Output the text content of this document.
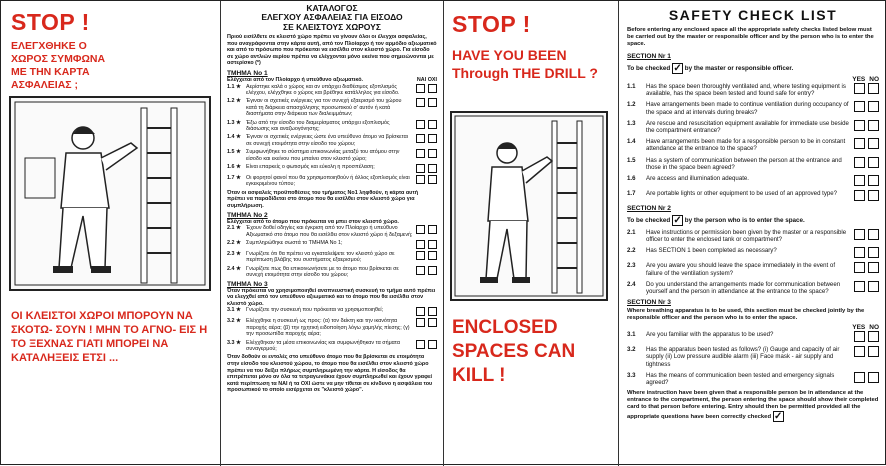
STOP !
ΕΛΕΓΧΘΗΚΕ Ο ΧΩΡΟΣ ΣΥΜΦΩΝΑ ΜΕ ΤΗΝ ΚΑΡΤΑ ΑΣΦΑΛΕΙΑΣ ;
ΟΙ ΚΛΕΙΣΤΟΙ ΧΩΡΟΙ ΜΠΟΡΟΥΝ ΝΑ ΣΚΟΤΩ- ΣΟΥΝ ! ΜΗΝ ΤΟ ΑΓΝΟ- ΕΙΣ Η ΤΟ ΞΕΧΝΑΣ ΓΙΑΤΙ ΜΠΟΡΕΙ ΝΑ ΚΑΤΑΛΗΞΕΙΣ ΕΤΣΙ ...
ΚΑΤΑΛΟΓΟΣ
ΕΛΕΓΧΟΥ ΑΣΦΑΛΕΙΑΣ ΓΙΑ ΕΙΣΟΔΟ
ΣΕ ΚΛΕΙΣΤΟΥΣ ΧΩΡΟΥΣ
Πριού εισέλθετε σε κλειστό χώρο πρέπει να γίνουν όλοι οι έλεγχοι ασφαλείας, που αναγράφονται στην κάρτα αυτή, από τον Πλοίαρχο ή τον αρμόδιο αξιωματικό και από το πρόσωπο που πρόκειται να εισέλθει στον κλειστό χώρο. Για είσοδο σε χώρο αντλιών αερίου πρέπει να ελέγχονται μόνο εκείνα που σημειώνονται με αστερίσκο (*)
ΤΜΗΜΑ Νο 1
Ελέγχεται από τον Πλοίαρχο ή υπεύθυνο αξιωματικό.	ΝΑΙ
ΟΧΙ
1.1 ★ Αερίστηκε καλά ο χώρος και αν υπάρχει διαθέσιμος εξοπλισμός ελέγχου, ελέγχθηκε ο χώρος και βρέθηκε κατάλληλος για είσοδο.
1.2 ★ Έγιναν οι σχετικές ενέργειες για τον συνεχή εξαερισμό του χώρου κατά τη διάρκεια απασχόλησης προσωπικού σ' αυτόν ή κατά διαστήματα στην διάρκεια των διαλειμμάτων;
1.3 ★ Έξω από την είσοδο του διαμερίσματος υπάρχει εξοπλισμός διάσωσης και αναζωογόνησης;
1.4 ★ Έγιναν οι σχετικές ενέργειες ώστε ένα υπεύθυνο άτομο να βρίσκεται σε συνεχή ετοιμότητα στην είσοδο του χώρου;
1.5 ★ Συμφωνήθηκε το σύστημα επικοινωνίας μεταξύ του ατόμου στην είσοδο και εκείνου που μπαίνει στον κλειστό χώρο;
1.6 ★ Είναι επαρκείς ο φωτισμός και εύκολη η προσπέλαση;
1.7 ★ Οι φορητοί φανοί που θα χρησιμοποιηθούν ή άλλος εξοπλισμός είναι εγκεκριμένου τύπου;
Όταν οι ασφαλείς προϋποθέσεις του τμήματος Νο1 ληφθούν, η κάρτα αυτή πρέπει να παραδίδεται στο άτομο που θα εισέλθει στον κλειστό χώρο για συμπλήρωση.
ΤΜΗΜΑ Νο 2
Ελέγχεται από το άτομο που πρόκειται να μπει στον κλειστό χώρο.
2.1 ★ Έχουν δοθεί οδηγίες και έγκριση από τον Πλοίαρχο ή υπεύθυνο Αξιωματικό στο άτομο που θα εισέλθει στον κλειστό χώρο ή δεξαμενή;
2.2 ★ Συμπληρώθηκε σωστά το ΤΜΗΜΑ Νο 1;
2.3 ★ Γνωρίζετε ότι θα πρέπει να εγκαταλείψετε τον κλειστό χώρο σε περίπτωση βλάβης του συστήματος εξαερισμού;
2.4 ★ Γνωρίζετε πως θα επικοινωνήσετε με το άτομο που βρίσκεται σε συνεχή ετοιμότητα στην είσοδο του χώρου;
ΤΜΗΜΑ Νο 3
Όταν πρόκειται να χρησιμοποιηθεί αναπνευστική συσκευή το τμήμα αυτό πρέπει να ελεγχθεί από τον υπεύθυνο αξιωματικό και το άτομο που θα εισέλθει στον κλειστό χώρο.
3.1 ★ Γνωρίζετε την συσκευή που πρόκειται να χρησιμοποιηθεί;
3.2 ★ Ελέγχθηκε η συσκευή ως προς: (α) τον δείκτη και την ικανότητα παροχής αέρα; (β) την ηχητική ειδοποίηση λόγω χαμηλής πίεσης; (γ) την προσωπίδα παροχής αέρα;
3.3 ★ Ελέγχθηκαν τα μέσα επικοινωνίας και συμφωνήθηκαν τα σήματα συναγερμού;
Όταν δοθούν οι εντολές στο υπεύθυνο άτομο που θα βρίσκεται σε ετοιμότητα στην είσοδο του κλειστού χώρου, το άτομο που θα εισέλθει στον κλειστό χώρο πρέπει να του δείξει πλήρως συμπληρωμένη την κάρτα. Η είσοδος θα επιτρέπεται μόνο αν όλα τα τετραγωνάκια έχουν συμπληρωθεί και έχουν γραφεί κατά περίπτωση τα ΝΑΙ ή τα ΟΧΙ ώστε να μην τίθεται σε κίνδυνο η ασφάλεια του προσωπικού το οποίο εισέρχεται σε "κλειστό χώρο".
STOP !
HAVE YOU BEEN Through THE DRILL ?
ENCLOSED SPACES CAN KILL !
SAFETY CHECK LIST
Before entering any enclosed space all the appropriate safety checks listed below must be carried out by the master or responsible officer and by the person who is to enter the space.
SECTION Nr 1
To be checked ✓ by the master or responsible officer.
YES NO
1.1	Has the space been thoroughly ventilated and, where testing equipment is available, has the space been tested and found safe for entry?
1.2	Have arrangements been made to continue ventilation during occupancy of the space and at intervals during breaks?
1.3	Are rescue and resuscitation equipment available for immediate use beside the compartment entrance?
1.4	Have arrangements been made for a responsible person to be in constant attendance at the entrance to the space?
1.5	Has a system of communication between the person at the entrance and those in the space been agreed?
1.6	Are access and illumination adequate.
1.7	Are portable lights or other equipment to be used of an approved type?
SECTION Nr 2
To be checked ✓ by the person who is to enter the space.
2.1	Have instructions or permission been given by the master or a responsible officer to enter the enclosed tank or compartment?
2.2	Has SECTION 1 been completed as necessary?
2.3	Are you aware you should leave the space immediately in the event of failure of the ventilation system?
2.4	Do you understand the arrangements made for communication between yourself and the person in attendance at the entrance to the space?
SECTION Nr 3
Where breathing apparatus is to be used, this section must be checked jointly by the responsible officer and the person who is to enter the space.
YES NO
3.1	Are you familiar with the apparatus to be used?
3.2	Has the apparatus been tested as follows? (i) Gauge and capacity of air supply (ii) Low pressure audible alarm (iii) Face mask - air supply and tightness
3.3	Has the means of communication been tested and emergency signals agreed?
Where instruction have been given that a responsible person be in attendance at the entrance to the compartment, the person entering the space should show their completed card to that person before entering. Entry should then be permitted provided all the appropriate questions have been correctly checked ✓
